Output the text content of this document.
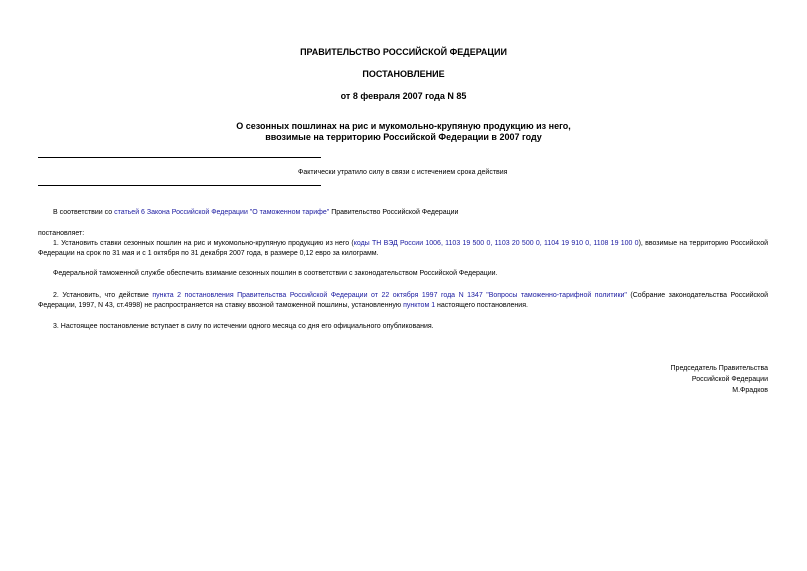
ПРАВИТЕЛЬСТВО РОССИЙСКОЙ ФЕДЕРАЦИИ
ПОСТАНОВЛЕНИЕ
от 8 февраля 2007 года N 85
О сезонных пошлинах на рис и мукомольно-крупяную продукцию из него,
ввозимые на территорию Российской Федерации в 2007 году
Фактически утратило силу в связи с истечением срока действия
В соответствии со статьей 6 Закона Российской Федерации "О таможенном тарифе" Правительство Российской Федерации
постановляет:
1. Установить ставки сезонных пошлин на рис и мукомольно-крупяную продукцию из него (коды ТН ВЭД России 1006, 1103 19 500 0, 1103 20 500 0, 1104 19 910 0, 1108 19 100 0), ввозимые на территорию Российской Федерации на срок по 31 мая и с 1 октября по 31 декабря 2007 года, в размере 0,12 евро за килограмм.
Федеральной таможенной службе обеспечить взимание сезонных пошлин в соответствии с законодательством Российской Федерации.
2. Установить, что действие пункта 2 постановления Правительства Российской Федерации от 22 октября 1997 года N 1347 "Вопросы таможенно-тарифной политики" (Собрание законодательства Российской Федерации, 1997, N 43, ст.4998) не распространяется на ставку ввозной таможенной пошлины, установленную пунктом 1 настоящего постановления.
3. Настоящее постановление вступает в силу по истечении одного месяца со дня его официального опубликования.
Председатель Правительства
Российской Федерации
М.Фрадков
